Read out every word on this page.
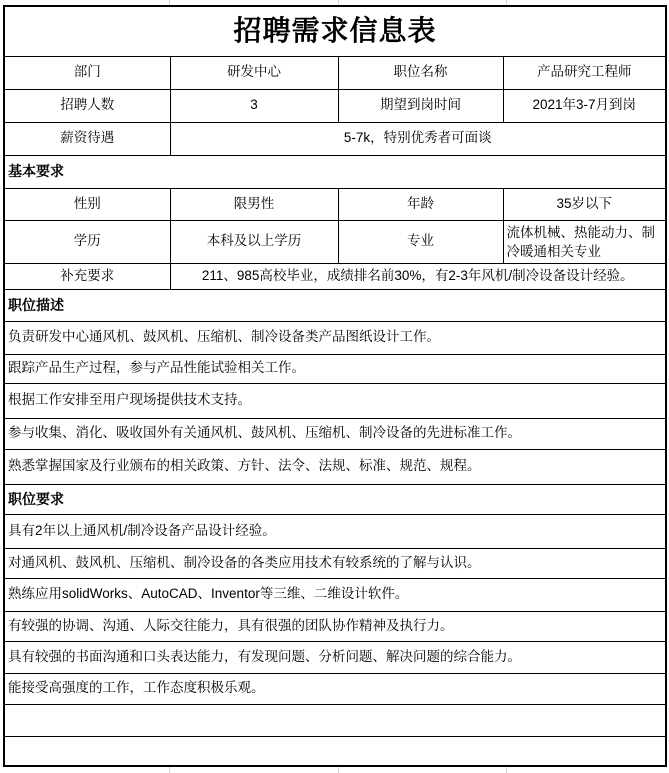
招聘需求信息表			
部门	研发中心	职位名称	产品研究工程师
招聘人数	3	期望到岗时间	2021年3-7月到岗
薪资待遇	5-7k，特别优秀者可面谈		
基本要求			
性别	限男性	年龄	35岁以下
学历	本科及以上学历	专业	流体机械、热能动力、制冷暖通相关专业
补充要求	211、985高校毕业，成绩排名前30%，有2-3年风机/制冷设备设计经验。		
职位描述			
负责研发中心通风机、鼓风机、压缩机、制冷设备类产品图纸设计工作。			
跟踪产品生产过程，参与产品性能试验相关工作。			
根据工作安排至用户现场提供技术支持。			
参与收集、消化、吸收国外有关通风机、鼓风机、压缩机、制冷设备的先进标准工作。			
熟悉掌握国家及行业颁布的相关政策、方针、法令、法规、标准、规范、规程。			
职位要求			
具有2年以上通风机/制冷设备产品设计经验。			
对通风机、鼓风机、压缩机、制冷设备的各类应用技术有较系统的了解与认识。			
熟练应用solidWorks、AutoCAD、Inventor等三维、二维设计软件。			
有较强的协调、沟通、人际交往能力，具有很强的团队协作精神及执行力。			
具有较强的书面沟通和口头表达能力，有发现问题、分析问题、解决问题的综合能力。			
能接受高强度的工作，工作态度积极乐观。			
